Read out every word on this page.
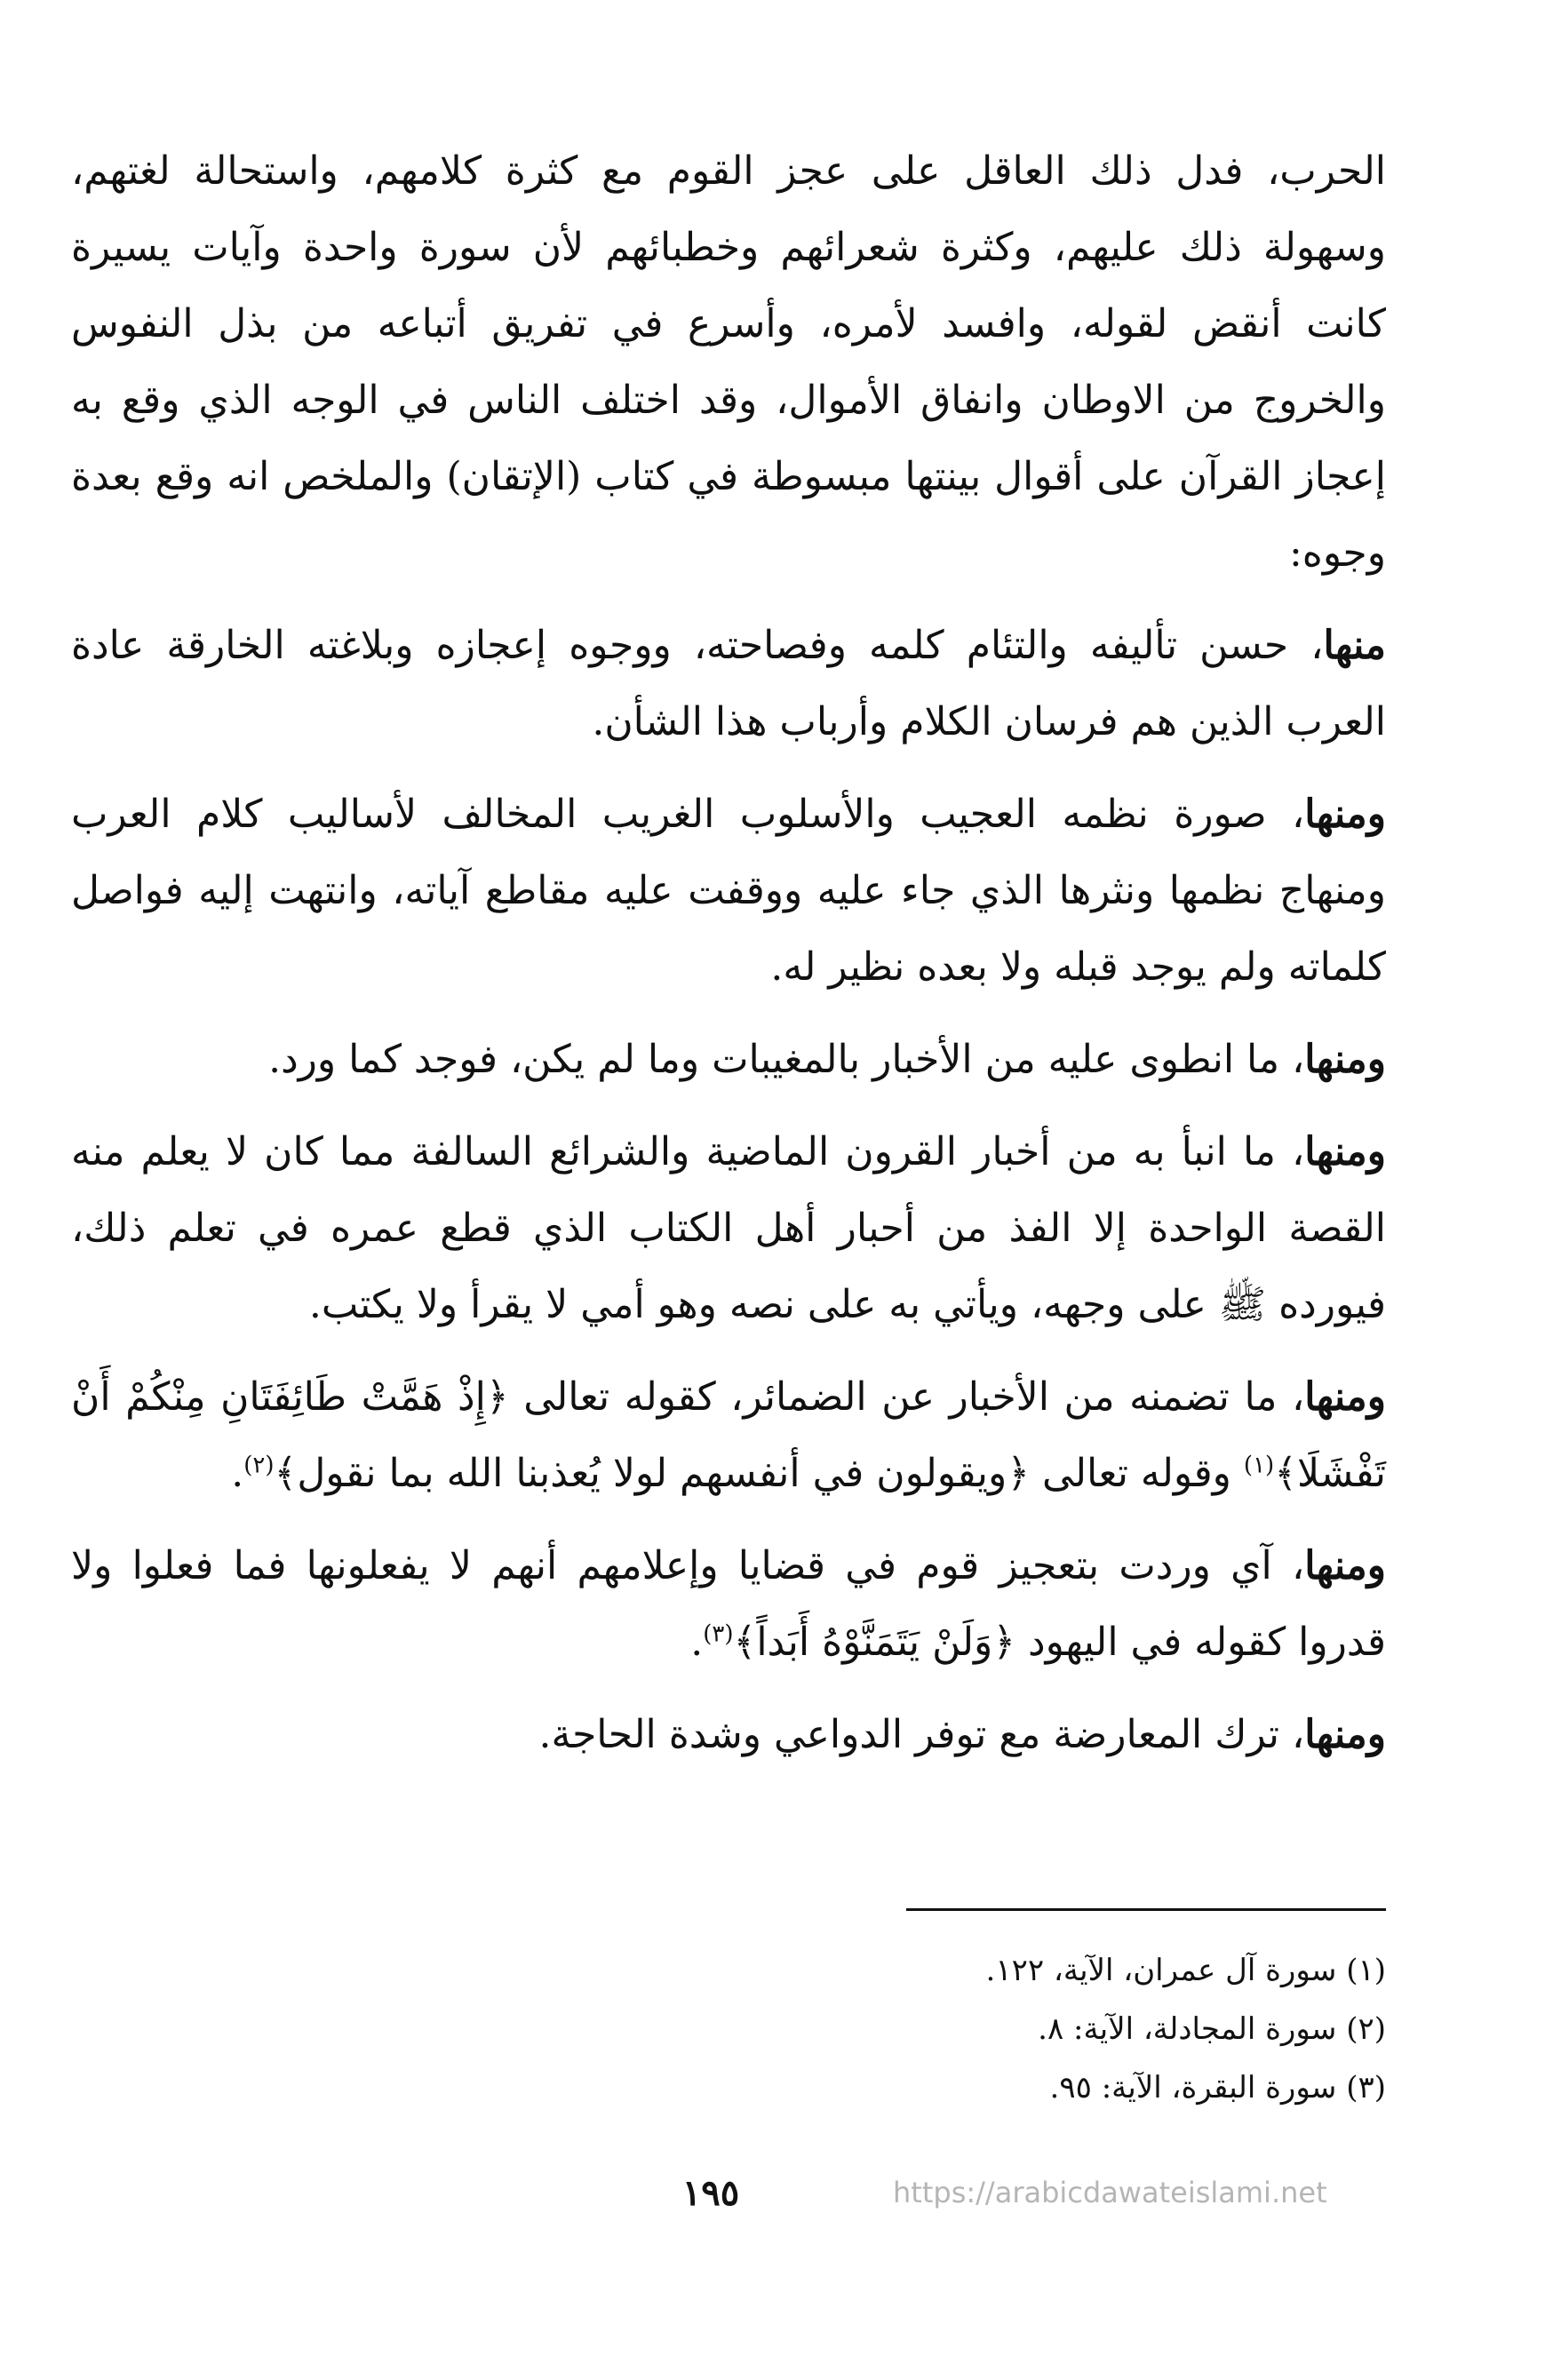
الحرب، فدل ذلك العاقل على عجز القوم مع كثرة كلامهم، واستحالة لغتهم، وسهولة ذلك عليهم، وكثرة شعرائهم وخطبائهم لأن سورة واحدة وآيات يسيرة كانت أنقض لقوله، وافسد لأمره، وأسرع في تفريق أتباعه من بذل النفوس والخروج من الاوطان وانفاق الأموال، وقد اختلف الناس في الوجه الذي وقع به إعجاز القرآن على أقوال بينتها مبسوطة في كتاب (الإتقان) والملخص انه وقع بعدة وجوه:

منها، حسن تأليفه والتئام كلمه وفصاحته، ووجوه إعجازه وبلاغته الخارقة عادة العرب الذين هم فرسان الكلام وأرباب هذا الشأن.

ومنها، صورة نظمه العجيب والأسلوب الغريب المخالف لأساليب كلام العرب ومنهاج نظمها ونثرها الذي جاء عليه ووقفت عليه مقاطع آياته، وانتهت إليه فواصل كلماته ولم يوجد قبله ولا بعده نظير له.

ومنها، ما انطوى عليه من الأخبار بالمغيبات وما لم يكن، فوجد كما ورد.

ومنها، ما انبأ به من أخبار القرون الماضية والشرائع السالفة مما كان لا يعلم منه القصة الواحدة إلا الفذ من أحبار أهل الكتاب الذي قطع عمره في تعلم ذلك، فيورده ﷺ على وجهه، ويأتي به على نصه وهو أمي لا يقرأ ولا يكتب.

ومنها، ما تضمنه من الأخبار عن الضمائر، كقوله تعالى ﴿إِذْ هَمَّتْ طَائِفَتَانِ مِنْكُمْ أَنْ تَفْشَلَا﴾$^{(١)}$ وقوله تعالى ﴿ويقولون في أنفسهم لولا يُعذبنا الله بما نقول﴾$^{(٢)}$.

ومنها، آي وردت بتعجيز قوم في قضايا وإعلامهم أنهم لا يفعلونها فما فعلوا ولا قدروا كقوله في اليهود ﴿وَلَنْ يَتَمَنَّوْهُ أَبَداً﴾$^{(٣)}$.

ومنها، ترك المعارضة مع توفر الدواعي وشدة الحاجة.

(١) سورة آل عمران، الآية، ١٢٢.
(٢) سورة المجادلة، الآية: ٨.
(٣) سورة البقرة، الآية: ٩٥.
١٩٥	https://arabicdawateislami.net
